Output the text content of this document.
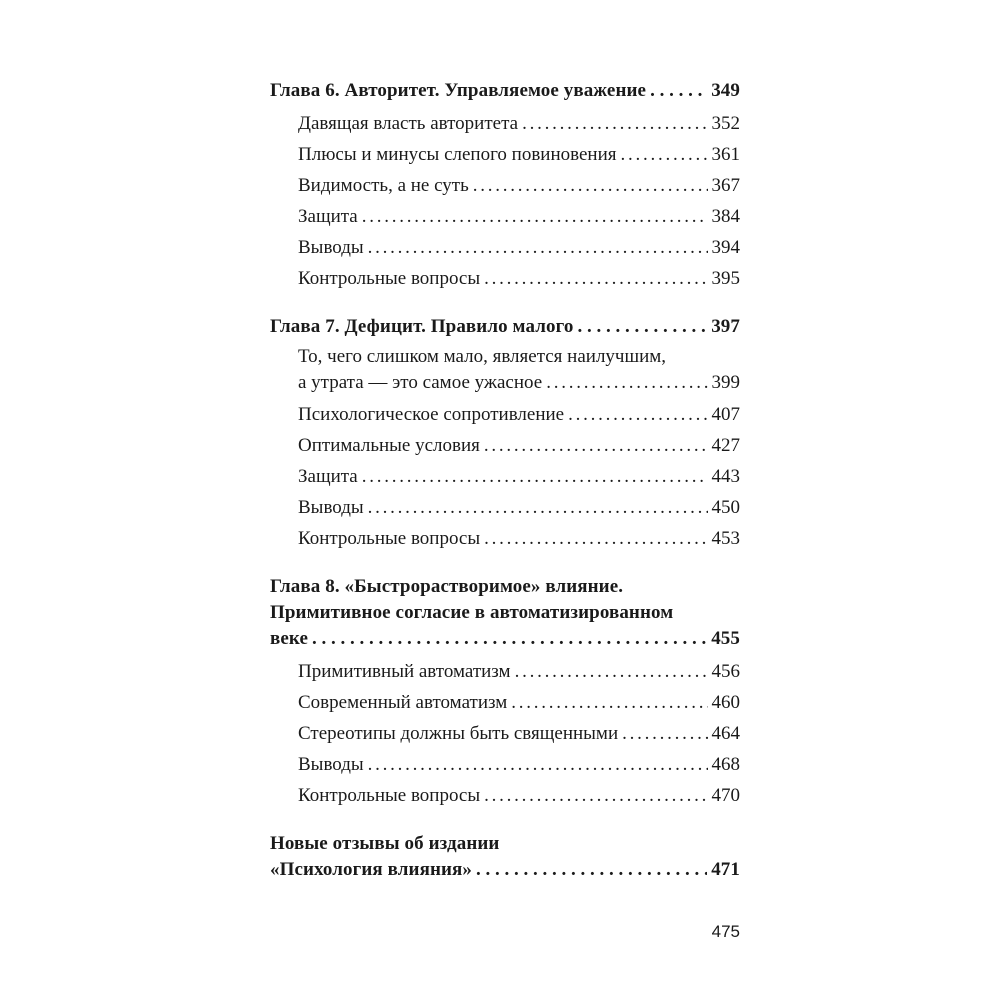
Глава 6. Авторитет. Управляемое уважение . . .	349
Давящая власть авторитета . . .	352
Плюсы и минусы слепого повиновения . . .	361
Видимость, а не суть . . .	367
Защита . . .	384
Выводы . . .	394
Контрольные вопросы . . .	395
Глава 7. Дефицит. Правило малого . . .	397
То, чего слишком мало, является наилучшим,
а утрата — это самое ужасное . . .	399
Психологическое сопротивление . . .	407
Оптимальные условия . . .	427
Защита . . .	443
Выводы . . .	450
Контрольные вопросы . . .	453
Глава 8. «Быстрорастворимое» влияние.
Примитивное согласие в автоматизированном
веке . . .	455
Примитивный автоматизм . . .	456
Современный автоматизм . . .	460
Стереотипы должны быть священными . . .	464
Выводы . . .	468
Контрольные вопросы . . .	470
Новые отзывы об издании
«Психология влияния» . . .	471
475
